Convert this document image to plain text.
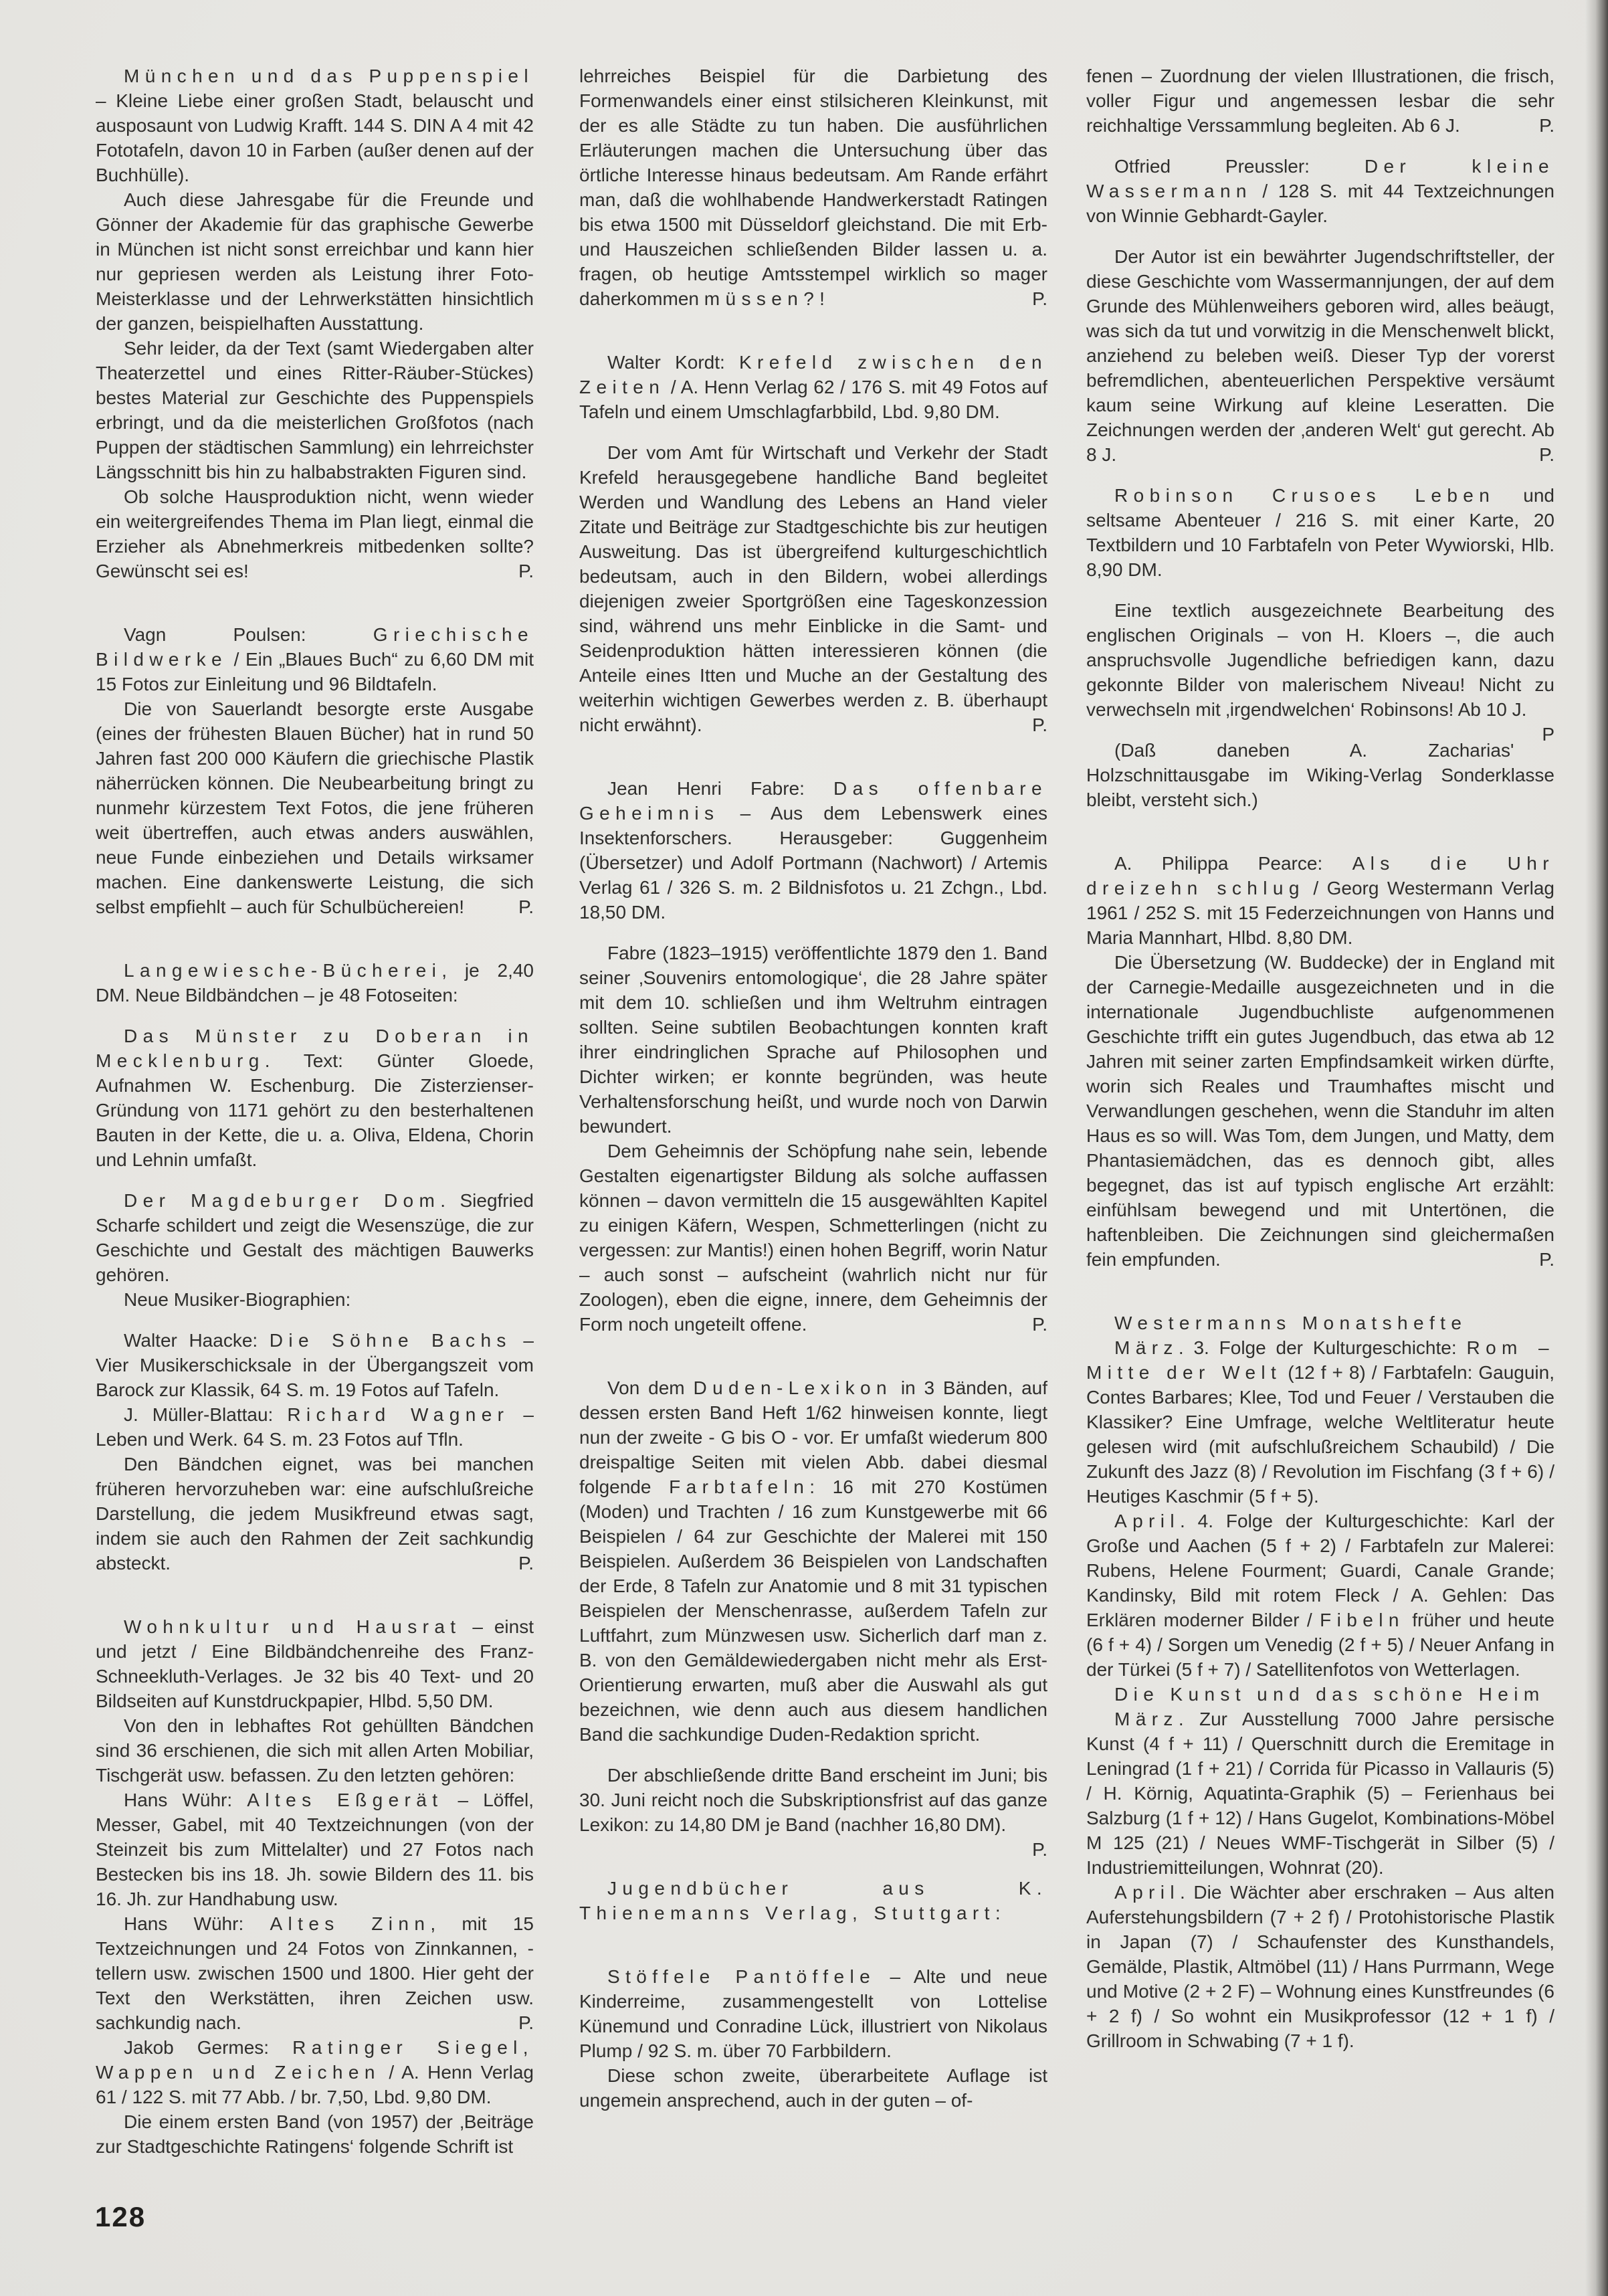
München und das Puppenspiel – Kleine Liebe einer großen Stadt, belauscht und ausposaunt von Ludwig Krafft. 144 S. DIN A 4 mit 42 Fototafeln, davon 10 in Farben (außer denen auf der Buchhülle).

Auch diese Jahresgabe für die Freunde und Gönner der Akademie für das graphische Gewerbe in München ist nicht sonst erreichbar und kann hier nur gepriesen werden als Leistung ihrer Foto-Meisterklasse und der Lehrwerkstätten hinsichtlich der ganzen, beispielhaften Ausstattung.

Sehr leider, da der Text (samt Wiedergaben alter Theaterzettel und eines Ritter-Räuber-Stückes) bestes Material zur Geschichte des Puppenspiels erbringt, und da die meisterlichen Großfotos (nach Puppen der städtischen Sammlung) ein lehrreichster Längsschnitt bis hin zu halbabstrakten Figuren sind.

Ob solche Hausproduktion nicht, wenn wieder ein weitergreifendes Thema im Plan liegt, einmal die Erzieher als Abnehmerkreis mitbedenken sollte? Gewünscht sei es!	P.

Vagn Poulsen: Griechische Bildwerke / Ein „Blaues Buch“ zu 6,60 DM mit 15 Fotos zur Einleitung und 96 Bildtafeln.

Die von Sauerlandt besorgte erste Ausgabe (eines der frühesten Blauen Bücher) hat in rund 50 Jahren fast 200 000 Käufern die griechische Plastik näherrücken können. Die Neubearbeitung bringt zu nunmehr kürzestem Text Fotos, die jene früheren weit übertreffen, auch etwas anders auswählen, neue Funde einbeziehen und Details wirksamer machen. Eine dankenswerte Leistung, die sich selbst empfiehlt – auch für Schulbüchereien!	P.

Langewiesche-Bücherei, je 2,40 DM. Neue Bildbändchen – je 48 Fotoseiten:

Das Münster zu Doberan in Mecklenburg. Text: Günter Gloede, Aufnahmen W. Eschenburg. Die Zisterzienser-Gründung von 1171 gehört zu den besterhaltenen Bauten in der Kette, die u. a. Oliva, Eldena, Chorin und Lehnin umfaßt.

Der Magdeburger Dom. Siegfried Scharfe schildert und zeigt die Wesenszüge, die zur Geschichte und Gestalt des mächtigen Bauwerks gehören.

Neue Musiker-Biographien:

Walter Haacke: Die Söhne Bachs – Vier Musikerschicksale in der Übergangszeit vom Barock zur Klassik, 64 S. m. 19 Fotos auf Tafeln.

J. Müller-Blattau: Richard Wagner – Leben und Werk. 64 S. m. 23 Fotos auf Tfln.

Den Bändchen eignet, was bei manchen früheren hervorzuheben war: eine aufschlußreiche Darstellung, die jedem Musikfreund etwas sagt, indem sie auch den Rahmen der Zeit sachkundig absteckt.	P.

Wohnkultur und Hausrat – einst und jetzt / Eine Bildbändchenreihe des Franz-Schneekluth-Verlages. Je 32 bis 40 Text- und 20 Bildseiten auf Kunstdruckpapier, Hlbd. 5,50 DM.

Von den in lebhaftes Rot gehüllten Bändchen sind 36 erschienen, die sich mit allen Arten Mobiliar, Tischgerät usw. befassen. Zu den letzten gehören:

Hans Wühr: Altes Eßgerät – Löffel, Messer, Gabel, mit 40 Textzeichnungen (von der Steinzeit bis zum Mittelalter) und 27 Fotos nach Bestecken bis ins 18. Jh. sowie Bildern des 11. bis 16. Jh. zur Handhabung usw.

Hans Wühr: Altes Zinn, mit 15 Textzeichnungen und 24 Fotos von Zinnkannen, -tellern usw. zwischen 1500 und 1800. Hier geht der Text den Werkstätten, ihren Zeichen usw. sachkundig nach.	P.

Jakob Germes: Ratinger Siegel, Wappen und Zeichen / A. Henn Verlag 61 / 122 S. mit 77 Abb. / br. 7,50, Lbd. 9,80 DM.

Die einem ersten Band (von 1957) der ‚Beiträge zur Stadtgeschichte Ratingens‘ folgende Schrift ist

lehrreiches Beispiel für die Darbietung des Formenwandels einer einst stilsicheren Kleinkunst, mit der es alle Städte zu tun haben. Die ausführlichen Erläuterungen machen die Untersuchung über das örtliche Interesse hinaus bedeutsam. Am Rande erfährt man, daß die wohlhabende Handwerkerstadt Ratingen bis etwa 1500 mit Düsseldorf gleichstand. Die mit Erb- und Hauszeichen schließenden Bilder lassen u. a. fragen, ob heutige Amtsstempel wirklich so mager daherkommen müssen?!	P.

Walter Kordt: Krefeld zwischen den Zeiten / A. Henn Verlag 62 / 176 S. mit 49 Fotos auf Tafeln und einem Umschlagfarbbild, Lbd. 9,80 DM.

Der vom Amt für Wirtschaft und Verkehr der Stadt Krefeld herausgegebene handliche Band begleitet Werden und Wandlung des Lebens an Hand vieler Zitate und Beiträge zur Stadtgeschichte bis zur heutigen Ausweitung. Das ist übergreifend kulturgeschichtlich bedeutsam, auch in den Bildern, wobei allerdings diejenigen zweier Sportgrößen eine Tageskonzession sind, während uns mehr Einblicke in die Samt- und Seidenproduktion hätten interessieren können (die Anteile eines Itten und Muche an der Gestaltung des weiterhin wichtigen Gewerbes werden z. B. überhaupt nicht erwähnt).	P.

Jean Henri Fabre: Das offenbare Geheimnis – Aus dem Lebenswerk eines Insektenforschers. Herausgeber: Guggenheim (Übersetzer) und Adolf Portmann (Nachwort) / Artemis Verlag 61 / 326 S. m. 2 Bildnisfotos u. 21 Zchgn., Lbd. 18,50 DM.

Fabre (1823–1915) veröffentlichte 1879 den 1. Band seiner ‚Souvenirs entomologique‘, die 28 Jahre später mit dem 10. schließen und ihm Weltruhm eintragen sollten. Seine subtilen Beobachtungen konnten kraft ihrer eindringlichen Sprache auf Philosophen und Dichter wirken; er konnte begründen, was heute Verhaltensforschung heißt, und wurde noch von Darwin bewundert.

Dem Geheimnis der Schöpfung nahe sein, lebende Gestalten eigenartigster Bildung als solche auffassen können – davon vermitteln die 15 ausgewählten Kapitel zu einigen Käfern, Wespen, Schmetterlingen (nicht zu vergessen: zur Mantis!) einen hohen Begriff, worin Natur – auch sonst – aufscheint (wahrlich nicht nur für Zoologen), eben die eigne, innere, dem Geheimnis der Form noch ungeteilt offene.	P.

Von dem Duden-Lexikon in 3 Bänden, auf dessen ersten Band Heft 1/62 hinweisen konnte, liegt nun der zweite - G bis O - vor. Er umfaßt wiederum 800 dreispaltige Seiten mit vielen Abb. dabei diesmal folgende Farbtafeln: 16 mit 270 Kostümen (Moden) und Trachten / 16 zum Kunstgewerbe mit 66 Beispielen / 64 zur Geschichte der Malerei mit 150 Beispielen. Außerdem 36 Beispielen von Landschaften der Erde, 8 Tafeln zur Anatomie und 8 mit 31 typischen Beispielen der Menschenrasse, außerdem Tafeln zur Luftfahrt, zum Münzwesen usw. Sicherlich darf man z. B. von den Gemäldewiedergaben nicht mehr als Erst-Orientierung erwarten, muß aber die Auswahl als gut bezeichnen, wie denn auch aus diesem handlichen Band die sachkundige Duden-Redaktion spricht.

Der abschließende dritte Band erscheint im Juni; bis 30. Juni reicht noch die Subskriptionsfrist auf das ganze Lexikon: zu 14,80 DM je Band (nachher 16,80 DM).
P.

Jugendbücher aus K. Thienemanns Verlag, Stuttgart:

Stöffele Pantöffele – Alte und neue Kinderreime, zusammengestellt von Lottelise Künemund und Conradine Lück, illustriert von Nikolaus Plump / 92 S. m. über 70 Farbbildern.

Diese schon zweite, überarbeitete Auflage ist ungemein ansprechend, auch in der guten – of-

fenen – Zuordnung der vielen Illustrationen, die frisch, voller Figur und angemessen lesbar die sehr reichhaltige Verssammlung begleiten. Ab 6 J.	P.

Otfried Preussler: Der kleine Wassermann / 128 S. mit 44 Textzeichnungen von Winnie Gebhardt-Gayler.

Der Autor ist ein bewährter Jugendschriftsteller, der diese Geschichte vom Wassermannjungen, der auf dem Grunde des Mühlenweihers geboren wird, alles beäugt, was sich da tut und vorwitzig in die Menschenwelt blickt, anziehend zu beleben weiß. Dieser Typ der vorerst befremdlichen, abenteuerlichen Perspektive versäumt kaum seine Wirkung auf kleine Leseratten. Die Zeichnungen werden der ‚anderen Welt‘ gut gerecht. Ab 8 J.	P.

Robinson Crusoes Leben und seltsame Abenteuer / 216 S. mit einer Karte, 20 Textbildern und 10 Farbtafeln von Peter Wywiorski, Hlb. 8,90 DM.

Eine textlich ausgezeichnete Bearbeitung des englischen Originals – von H. Kloers –, die auch anspruchsvolle Jugendliche befriedigen kann, dazu gekonnte Bilder von malerischem Niveau! Nicht zu verwechseln mit ‚irgendwelchen‘ Robinsons! Ab 10 J.
P

(Daß daneben A. Zacharias' Holzschnittausgabe im Wiking-Verlag Sonderklasse bleibt, versteht sich.)

A. Philippa Pearce: Als die Uhr dreizehn schlug / Georg Westermann Verlag 1961 / 252 S. mit 15 Federzeichnungen von Hanns und Maria Mannhart, Hlbd. 8,80 DM.

Die Übersetzung (W. Buddecke) der in England mit der Carnegie-Medaille ausgezeichneten und in die internationale Jugendbuchliste aufgenommenen Geschichte trifft ein gutes Jugendbuch, das etwa ab 12 Jahren mit seiner zarten Empfindsamkeit wirken dürfte, worin sich Reales und Traumhaftes mischt und Verwandlungen geschehen, wenn die Standuhr im alten Haus es so will. Was Tom, dem Jungen, und Matty, dem Phantasiemädchen, das es dennoch gibt, alles begegnet, das ist auf typisch englische Art erzählt: einfühlsam bewegend und mit Untertönen, die haftenbleiben. Die Zeichnungen sind gleichermaßen fein empfunden.	P.

Westermanns Monatshefte

März. 3. Folge der Kulturgeschichte: Rom – Mitte der Welt (12 f + 8) / Farbtafeln: Gauguin, Contes Barbares; Klee, Tod und Feuer / Verstauben die Klassiker? Eine Umfrage, welche Weltliteratur heute gelesen wird (mit aufschlußreichem Schaubild) / Die Zukunft des Jazz (8) / Revolution im Fischfang (3 f + 6) / Heutiges Kaschmir (5 f + 5).

April. 4. Folge der Kulturgeschichte: Karl der Große und Aachen (5 f + 2) / Farbtafeln zur Malerei: Rubens, Helene Fourment; Guardi, Canale Grande; Kandinsky, Bild mit rotem Fleck / A. Gehlen: Das Erklären moderner Bilder / Fibeln früher und heute (6 f + 4) / Sorgen um Venedig (2 f + 5) / Neuer Anfang in der Türkei (5 f + 7) / Satellitenfotos von Wetterlagen.

Die Kunst und das schöne Heim

März. Zur Ausstellung 7000 Jahre persische Kunst (4 f + 11) / Querschnitt durch die Eremitage in Leningrad (1 f + 21) / Corrida für Picasso in Vallauris (5) / H. Körnig, Aquatinta-Graphik (5) – Ferienhaus bei Salzburg (1 f + 12) / Hans Gugelot, Kombinations-Möbel M 125 (21) / Neues WMF-Tischgerät in Silber (5) / Industriemitteilungen, Wohnrat (20).

April. Die Wächter aber erschraken – Aus alten Auferstehungsbildern (7 + 2 f) / Protohistorische Plastik in Japan (7) / Schaufenster des Kunsthandels, Gemälde, Plastik, Altmöbel (11) / Hans Purrmann, Wege und Motive (2 + 2 F) – Wohnung eines Kunstfreundes (6 + 2 f) / So wohnt ein Musikprofessor (12 + 1 f) / Grillroom in Schwabing (7 + 1 f).

128
